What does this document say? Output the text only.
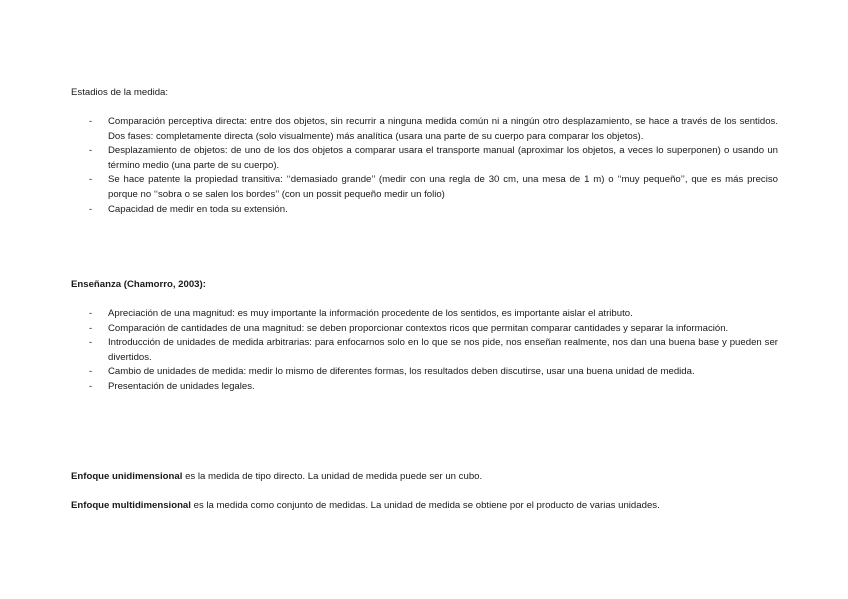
Estadios de la medida:
- Comparación perceptiva directa: entre dos objetos, sin recurrir a ninguna medida común ni a ningún otro desplazamiento, se hace a través de los sentidos. Dos fases: completamente directa (solo visualmente) más analítica (usara una parte de su cuerpo para comparar los objetos).
- Desplazamiento de objetos: de uno de los dos objetos a comparar usara el transporte manual (aproximar los objetos, a veces lo superponen) o usando un término medio (una parte de su cuerpo).
- Se hace patente la propiedad transitiva: ‘‘demasiado grande’’ (medir con una regla de 30 cm, una mesa de 1 m) o ‘‘muy pequeño’’, que es más preciso porque no ‘‘sobra o se salen los bordes’’ (con un possit pequeño medir un folio)
- Capacidad de medir en toda su extensión.
Enseñanza (Chamorro, 2003):
- Apreciación de una magnitud: es muy importante la información procedente de los sentidos, es importante aislar el atributo.
- Comparación de cantidades de una magnitud: se deben proporcionar contextos ricos que permitan comparar cantidades y separar la información.
- Introducción de unidades de medida arbitrarias: para enfocarnos solo en lo que se nos pide, nos enseñan realmente, nos dan una buena base y pueden ser divertidos.
- Cambio de unidades de medida: medir lo mismo de diferentes formas, los resultados deben discutirse, usar una buena unidad de medida.
- Presentación de unidades legales.

Enfoque unidimensional es la medida de tipo directo. La unidad de medida puede ser un cubo.

Enfoque multidimensional es la medida como conjunto de medidas. La unidad de medida se obtiene por el producto de varias unidades.
